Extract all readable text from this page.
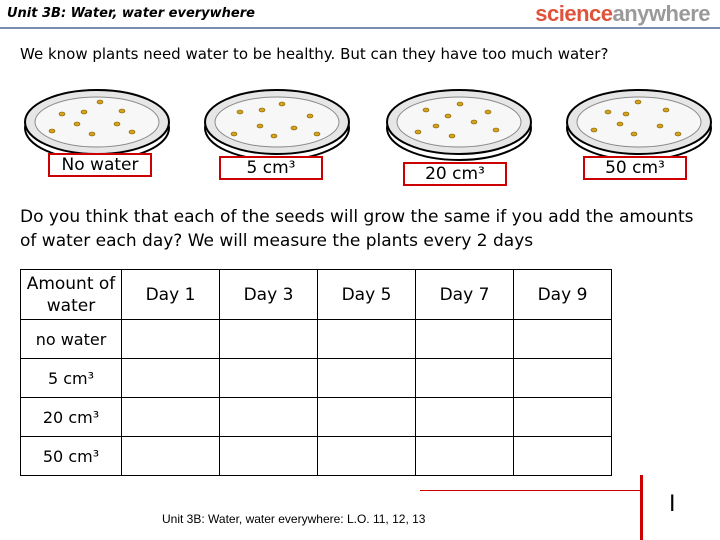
Unit 3B: Water, water everywhere	scienceanywhere
We know plants need water to be healthy. But can they have too much water?
No water	5 cm³	20 cm³	50 cm³
Do you think that each of the seeds will grow the same if you add the amounts of water each day? We will measure the plants every 2 days
Amount of water	Day 1	Day 3	Day 5	Day 7	Day 9
no water					
5 cm³					
20 cm³					
50 cm³					
Unit 3B: Water, water everywhere: L.O. 11, 12, 13
I
